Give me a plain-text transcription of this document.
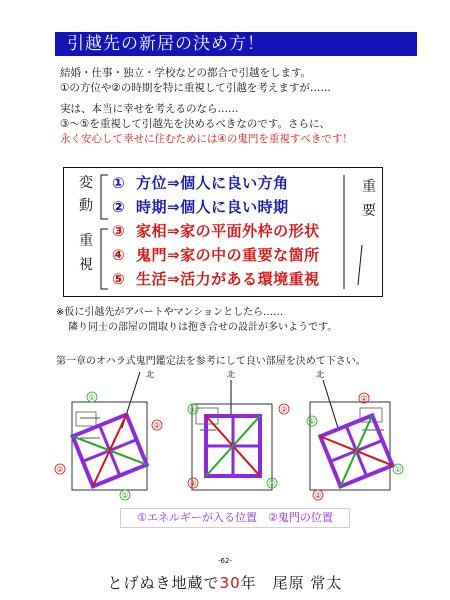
引越先の新居の決め方！

結婚・仕事・独立・学校などの都合で引越をします。

①の方位や②の時期を特に重視して引越を考えますが……

実は、本当に幸せを考えるのなら……

③～⑤を重視して引越先を決めるべきなのです。さらに、

永く安心して幸せに住むためには④の鬼門を重視すべきです！

変
動
重
視
① 方位⇒個人に良い方角
② 時期⇒個人に良い時期
③ 家相⇒家の平面外枠の形状
④ 鬼門⇒家の中の重要な箇所
⑤ 生活⇒活力がある環境重視
重
要
※仮に引越先がアパートやマンションとしたら……
隣り同士の部屋の間取りは抱き合せの設計が多いようです。
第一章のオハラ式鬼門鑑定法を参考にして良い部屋を決めて下さい。
北
①
②
②
①
北
①	②
②	①
北
①
②
②
①
①エネルギーが入る位置　②鬼門の位置
-62-
とげぬき地蔵で30年　尾原 常太
